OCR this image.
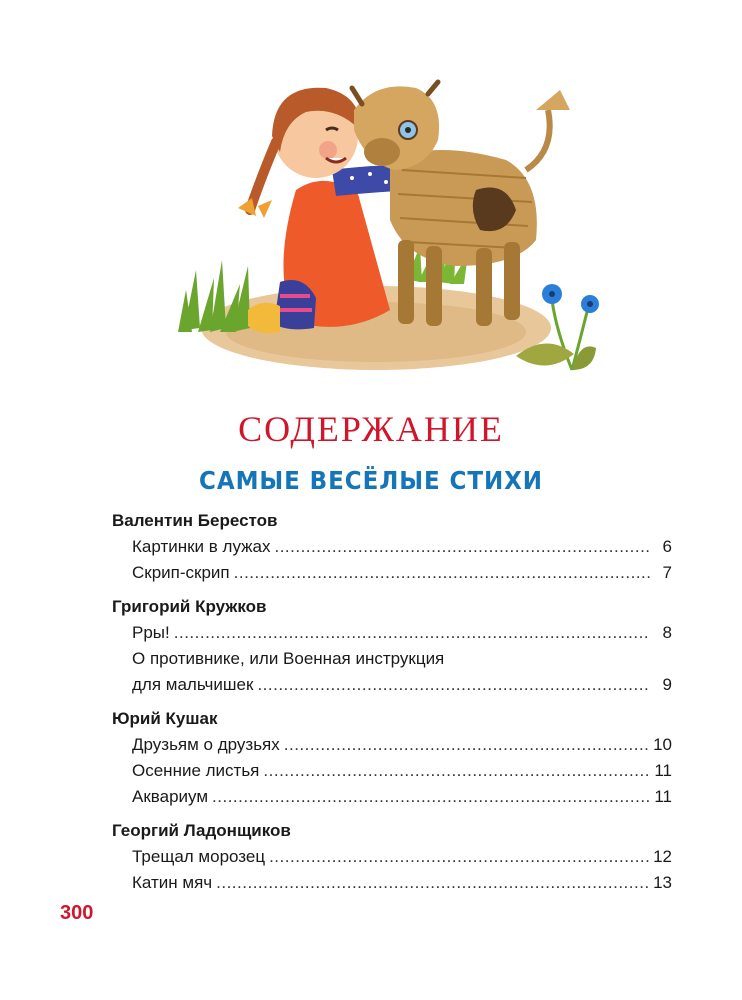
СОДЕРЖАНИЕ
САМЫЕ ВЕСЁЛЫЕ СТИХИ
Валентин Берестов
Картинки в лужах .....	6
Скрип-скрип .....	7
Григорий Кружков
Рры! .....	8
О противнике, или Военная инструкция
для мальчишек .....	9
Юрий Кушак
Друзьям о друзьях .....	10
Осенние листья .....	11
Аквариум .....	11
Георгий Ладонщиков
Трещал морозец .....	12
Катин мяч .....	13
300
